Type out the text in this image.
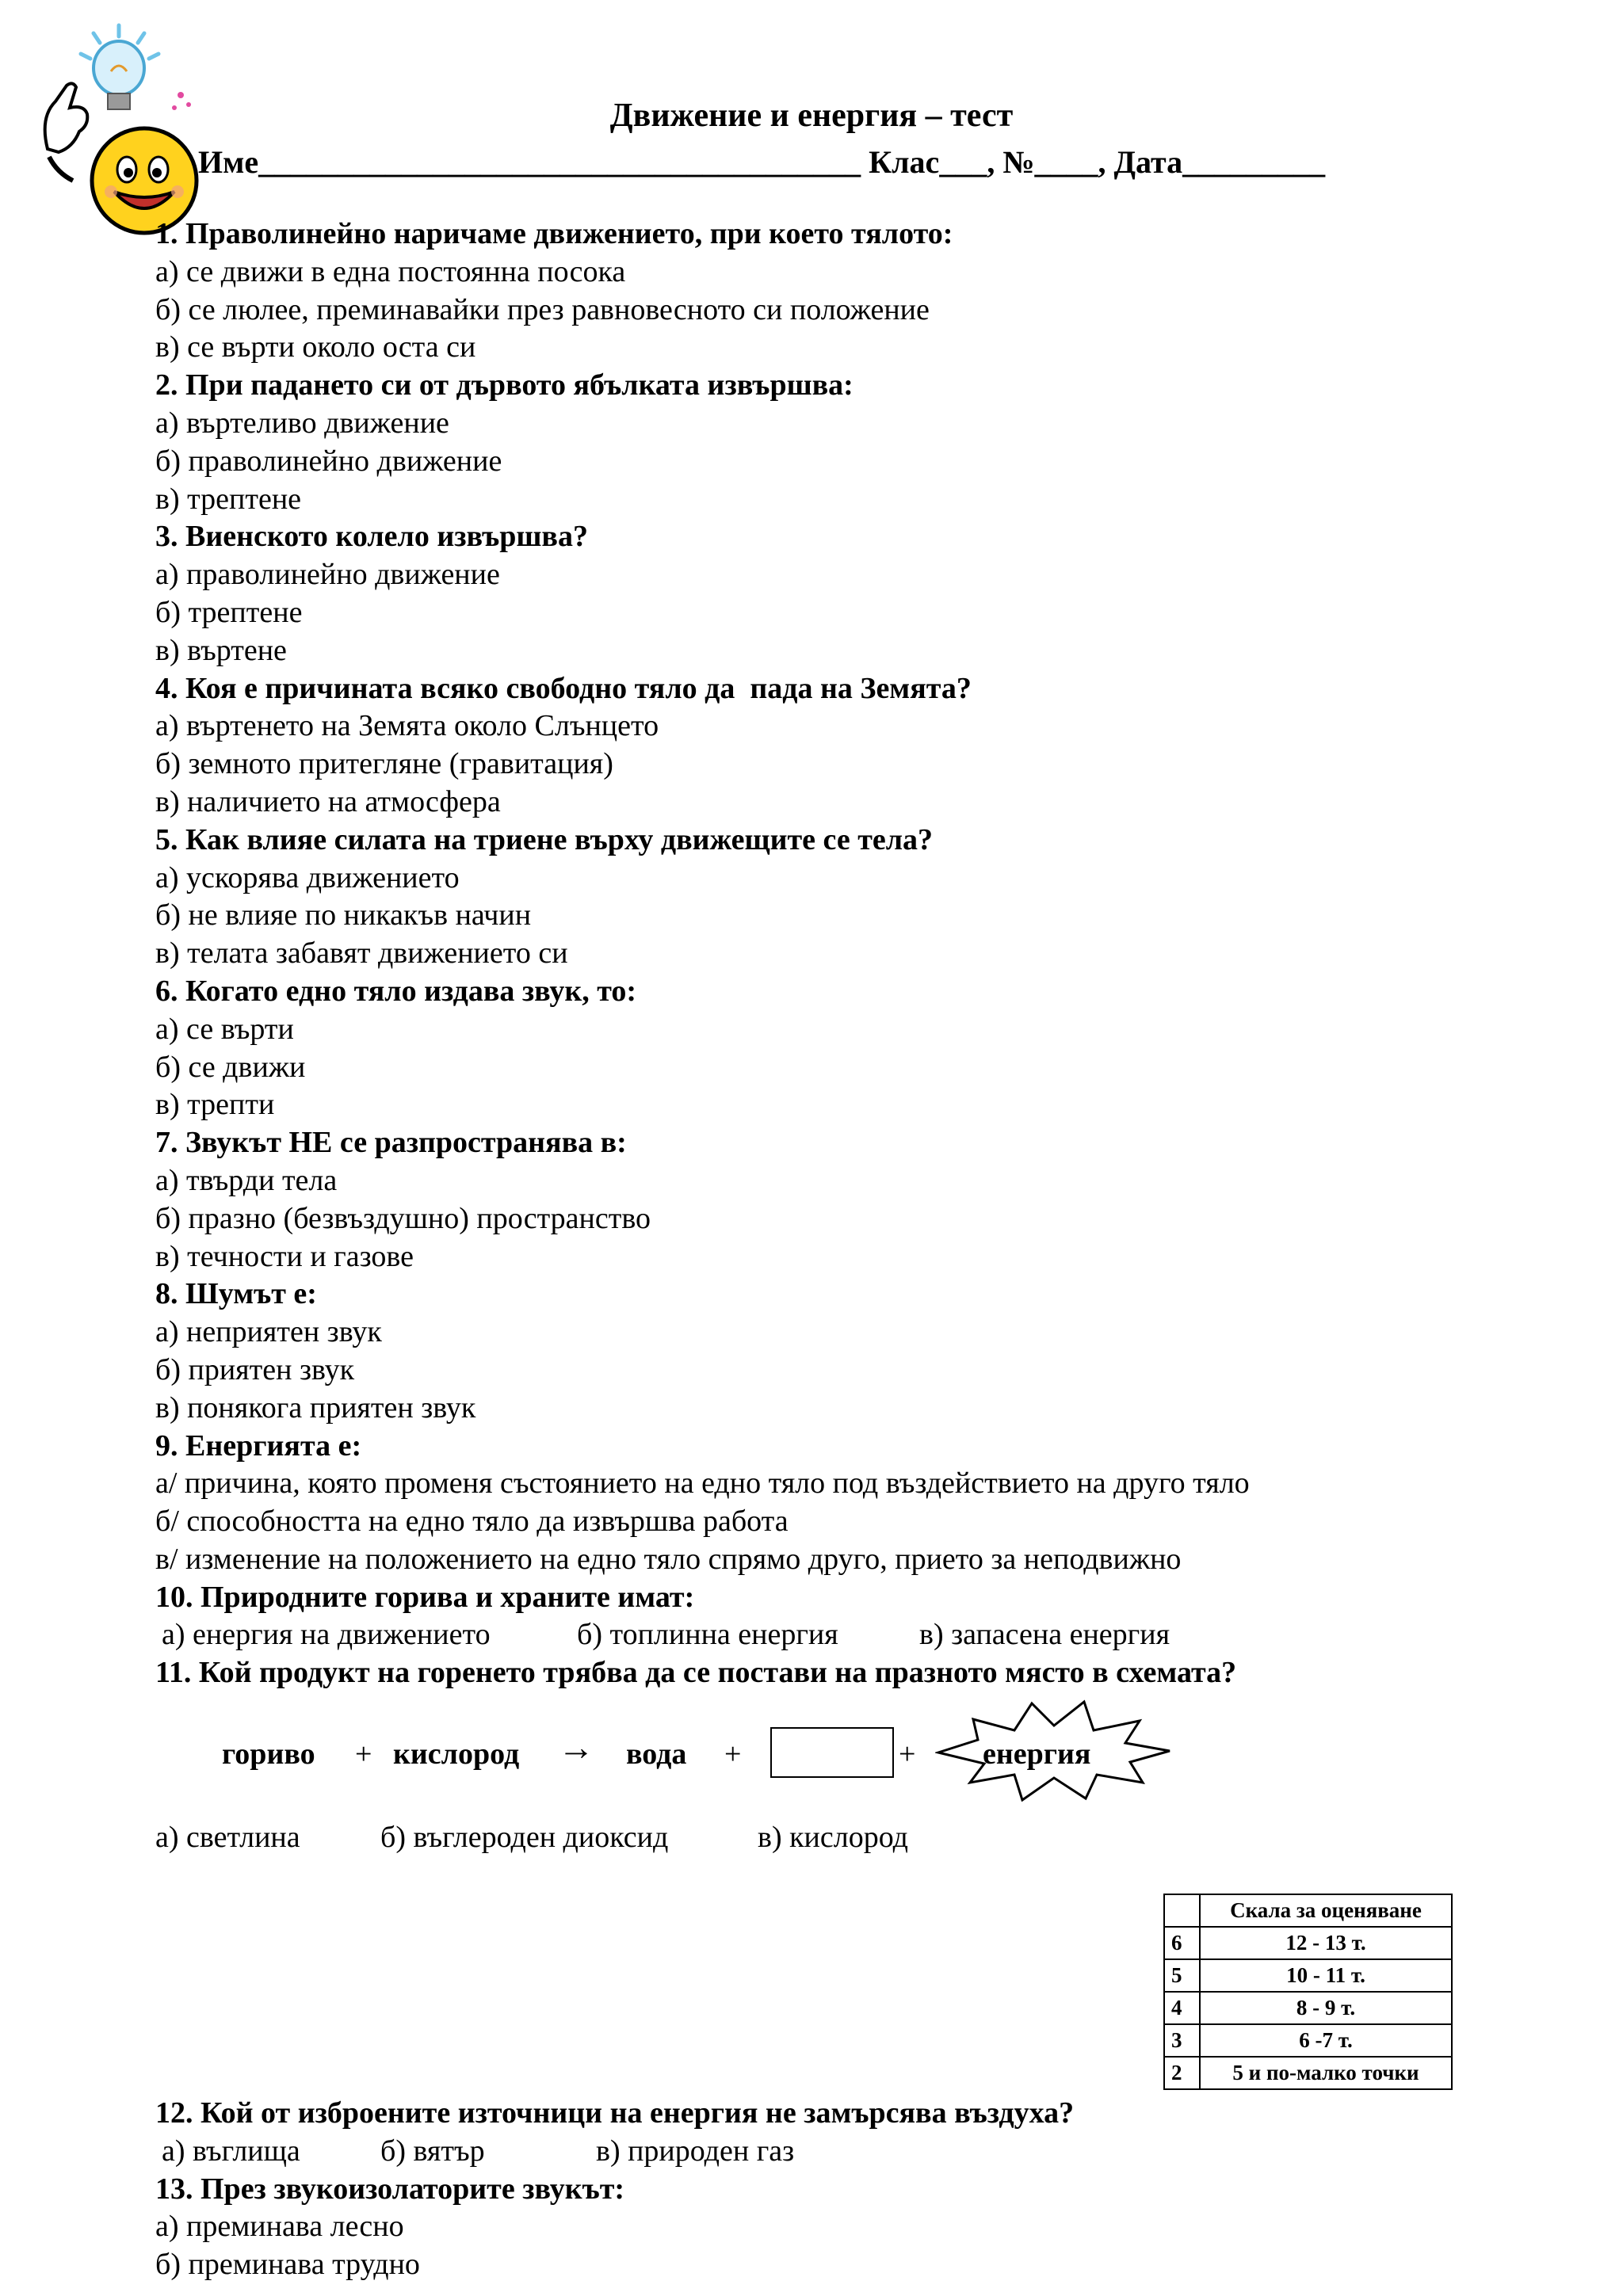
Движение и енергия – тест
Име______________________________________ Клас___, №____, Дата_________

1. Праволинейно наричаме движението, при което тялото:

а) се движи в една постоянна посока

б) се люлее, преминавайки през равновесното си положение

в) се върти около оста си

2. При падането си от дървото ябълката извършва:

а) въртеливо движение

б) праволинейно движение

в) трептене

3. Виенското колело извършва?

а) праволинейно движение

б) трептене

в) въртене

4. Коя е причината всяко свободно тяло да  пада на Земята?

а) въртенето на Земята около Слънцето

б) земното притегляне (гравитация)

в) наличието на атмосфера

5. Как влияе силата на триене върху движещите се тела?

а) ускорява движението

б) не влияе по никакъв начин

в) телата забавят движението си

6. Когато едно тяло издава звук, то:

а) се върти

б) се движи

в) трепти

7. Звукът НЕ се разпространява в:

а) твърди тела

б) празно (безвъздушно) пространство

в) течности и газове

8. Шумът е:

а) неприятен звук

б) приятен звук

в) понякога приятен звук

9. Енергията е:

а/ причина, която променя състоянието на едно тяло под въздействието на друго тяло

б/ способността на едно тяло да извършва работа

в/ изменение на положението на едно тяло спрямо друго, прието за неподвижно

10. Природните горива и храните имат:

а) енергия на движението	б) топлинна енергия	в) запасена енергия

11. Кой продукт на горенето трябва да се постави на празното място в схемата?

гориво + кислород → вода +	+ енергия
а) светлина	б) въглероден диоксид	в) кислород
	Скала за оценяване
6	12 - 13 т.
5	10 - 11 т.
4	8 - 9 т.
3	6 -7 т.
2	5 и по-малко точки

12. Кой от изброените източници на енергия не замърсява въздуха?

а) въглища	б) вятър	в) природен газ

13. През звукоизолаторите звукът:

а) преминава лесно

б) преминава трудно
